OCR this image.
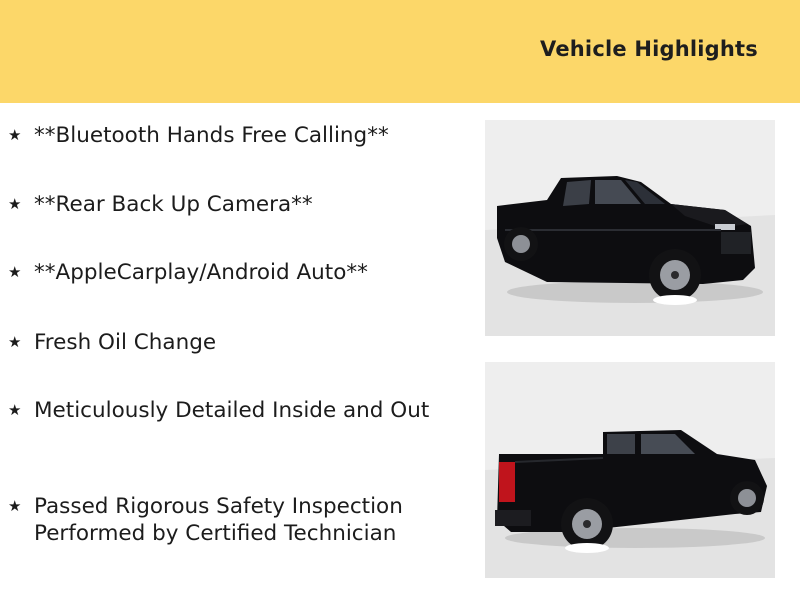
Vehicle Highlights
★ **Bluetooth Hands Free Calling**
★ **Rear Back Up Camera**
★ **AppleCarplay/Android Auto**
★ Fresh Oil Change
★ Meticulously Detailed Inside and Out
★ Passed Rigorous Safety Inspection Performed by Certified Technician
